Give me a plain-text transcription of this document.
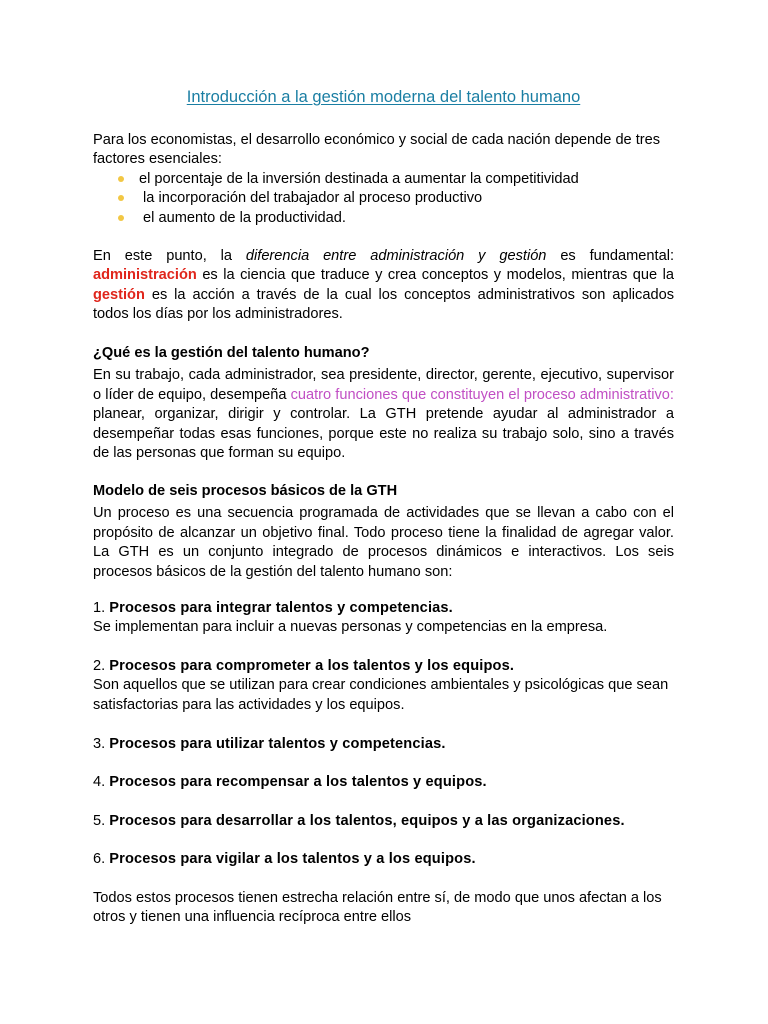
Introducción a la gestión moderna del talento humano
Para los economistas, el desarrollo económico y social de cada nación depende de tres factores esenciales:
el porcentaje de la inversión destinada a aumentar la competitividad
la incorporación del trabajador al proceso productivo
el aumento de la productividad.
En este punto, la diferencia entre administración y gestión es fundamental: administración es la ciencia que traduce y crea conceptos y modelos, mientras que la gestión es la acción a través de la cual los conceptos administrativos son aplicados todos los días por los administradores.
¿Qué es la gestión del talento humano?
En su trabajo, cada administrador, sea presidente, director, gerente, ejecutivo, supervisor o líder de equipo, desempeña cuatro funciones que constituyen el proceso administrativo: planear, organizar, dirigir y controlar. La GTH pretende ayudar al administrador a desempeñar todas esas funciones, porque este no realiza su trabajo solo, sino a través de las personas que forman su equipo.
Modelo de seis procesos básicos de la GTH
Un proceso es una secuencia programada de actividades que se llevan a cabo con el propósito de alcanzar un objetivo final. Todo proceso tiene la finalidad de agregar valor. La GTH es un conjunto integrado de procesos dinámicos e interactivos. Los seis procesos básicos de la gestión del talento humano son:
1. Procesos para integrar talentos y competencias.
Se implementan para incluir a nuevas personas y competencias en la empresa.
2. Procesos para comprometer a los talentos y los equipos.
Son aquellos que se utilizan para crear condiciones ambientales y psicológicas que sean satisfactorias para las actividades y los equipos.
3. Procesos para utilizar talentos y competencias.
4. Procesos para recompensar a los talentos y equipos.
5. Procesos para desarrollar a los talentos, equipos y a las organizaciones.
6. Procesos para vigilar a los talentos y a los equipos.
Todos estos procesos tienen estrecha relación entre sí, de modo que unos afectan a los otros y tienen una influencia recíproca entre ellos
